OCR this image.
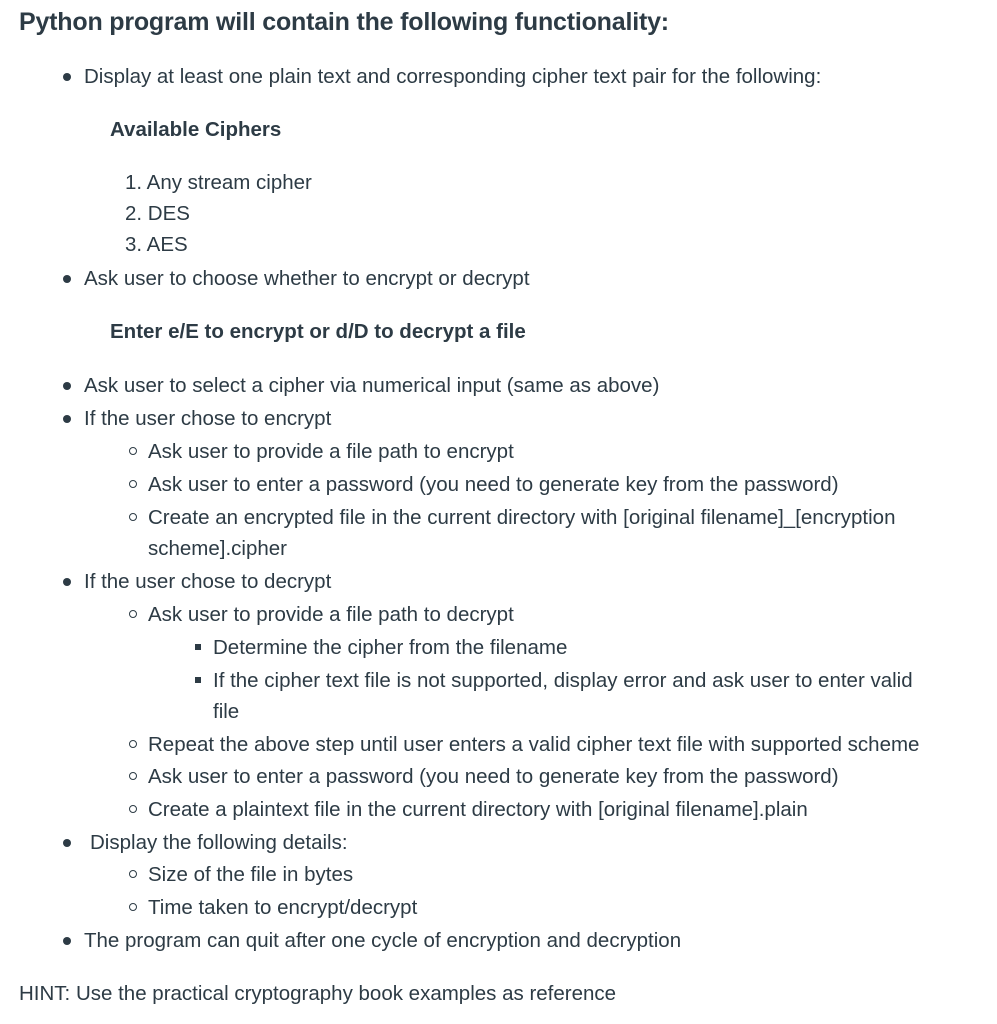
Python program will contain the following functionality:
Display at least one plain text and corresponding cipher text pair for the following:
Available Ciphers
1. Any stream cipher
2. DES
3. AES
Ask user to choose whether to encrypt or decrypt
Enter e/E to encrypt or d/D to decrypt a file
Ask user to select a cipher via numerical input (same as above)
If the user chose to encrypt
Ask user to provide a file path to encrypt
Ask user to enter a password (you need to generate key from the password)
Create an encrypted file in the current directory with [original filename]_[encryption
scheme].cipher
If the user chose to decrypt
Ask user to provide a file path to decrypt
Determine the cipher from the filename
If the cipher text file is not supported, display error and ask user to enter valid
file
Repeat the above step until user enters a valid cipher text file with supported scheme
Ask user to enter a password (you need to generate key from the password)
Create a plaintext file in the current directory with [original filename].plain
Display the following details:
Size of the file in bytes
Time taken to encrypt/decrypt
The program can quit after one cycle of encryption and decryption
HINT: Use the practical cryptography book examples as reference
